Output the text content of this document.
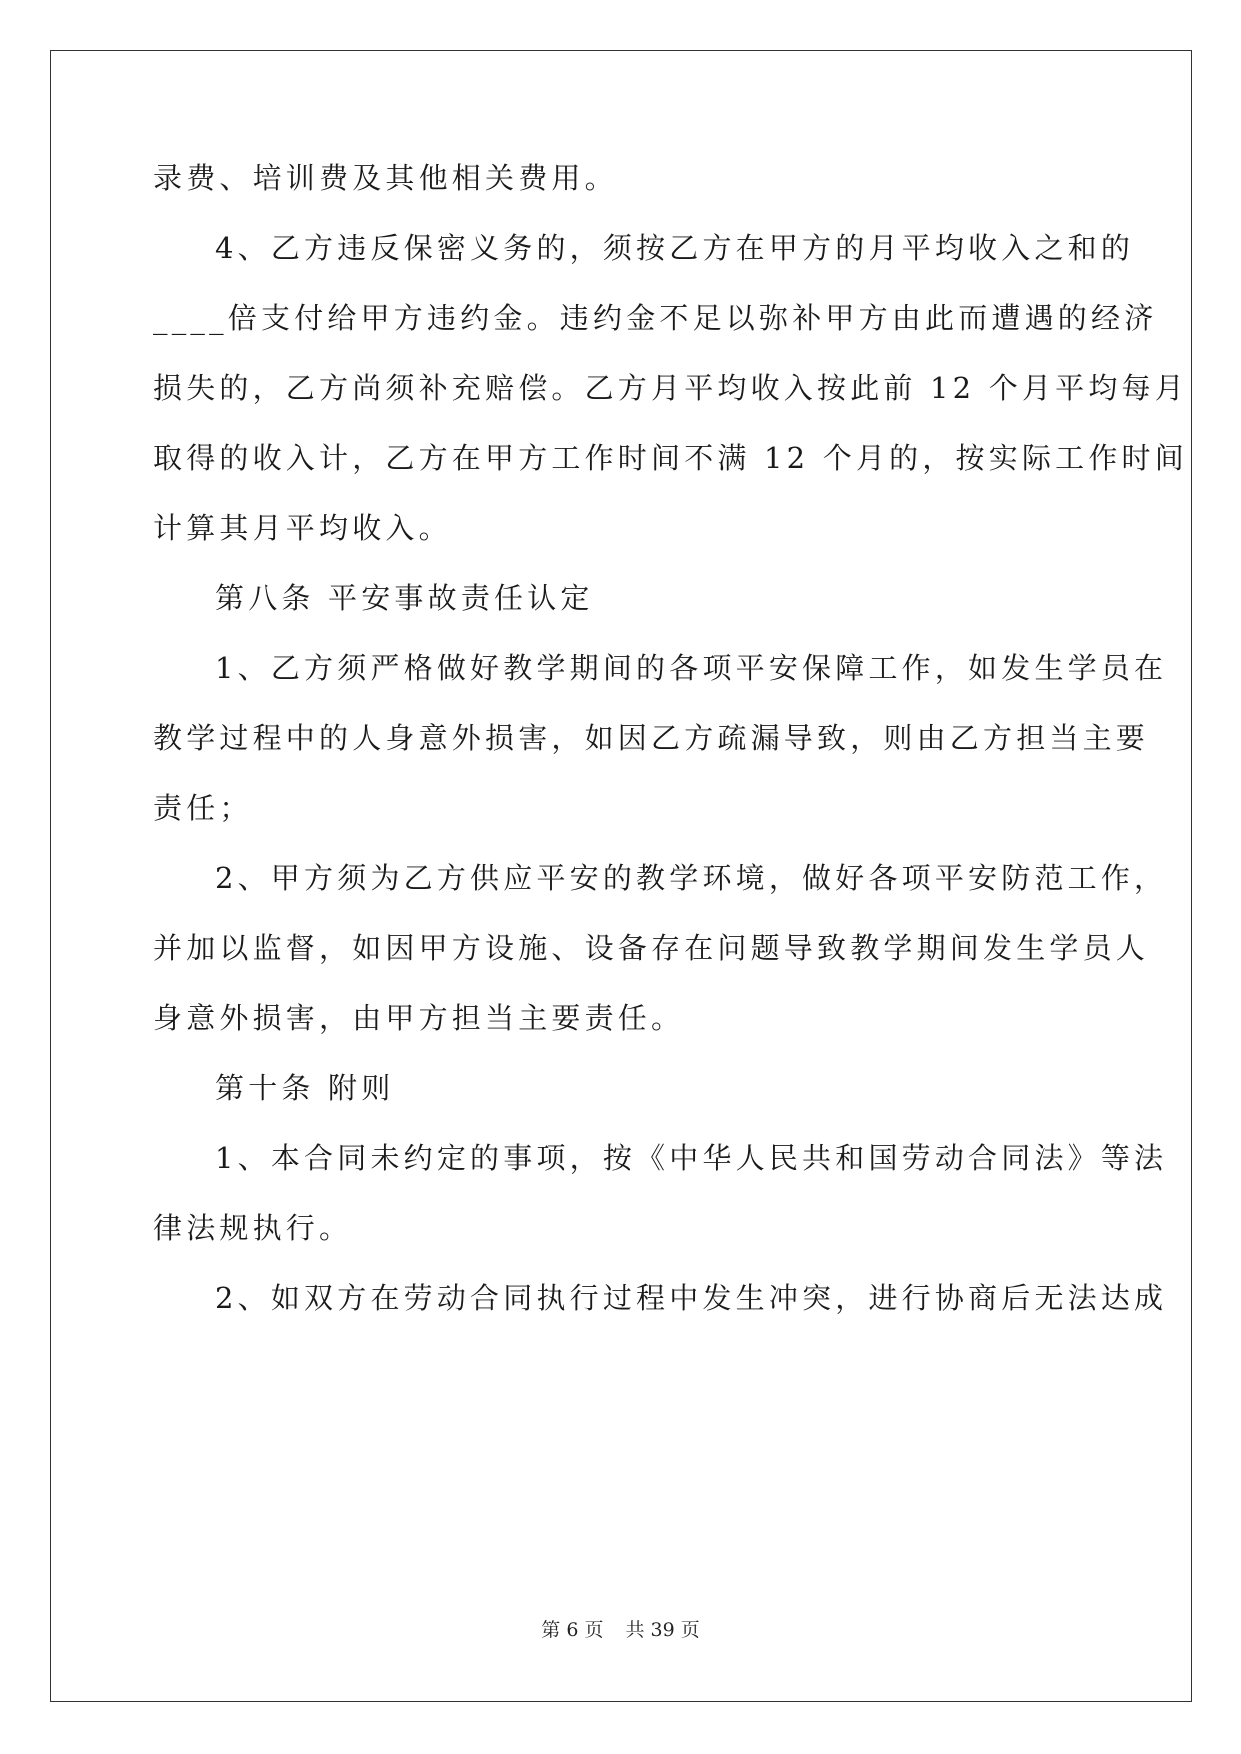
录费、培训费及其他相关费用。
4、乙方违反保密义务的，须按乙方在甲方的月平均收入之和的
____倍支付给甲方违约金。违约金不足以弥补甲方由此而遭遇的经济
损失的，乙方尚须补充赔偿。乙方月平均收入按此前 12 个月平均每月
取得的收入计，乙方在甲方工作时间不满 12 个月的，按实际工作时间
计算其月平均收入。
第八条 平安事故责任认定
1、乙方须严格做好教学期间的各项平安保障工作，如发生学员在
教学过程中的人身意外损害，如因乙方疏漏导致，则由乙方担当主要
责任；
2、甲方须为乙方供应平安的教学环境，做好各项平安防范工作，
并加以监督，如因甲方设施、设备存在问题导致教学期间发生学员人
身意外损害，由甲方担当主要责任。
第十条 附则
1、本合同未约定的事项，按《中华人民共和国劳动合同法》等法
律法规执行。
2、如双方在劳动合同执行过程中发生冲突，进行协商后无法达成
第 6 页 共 39 页
